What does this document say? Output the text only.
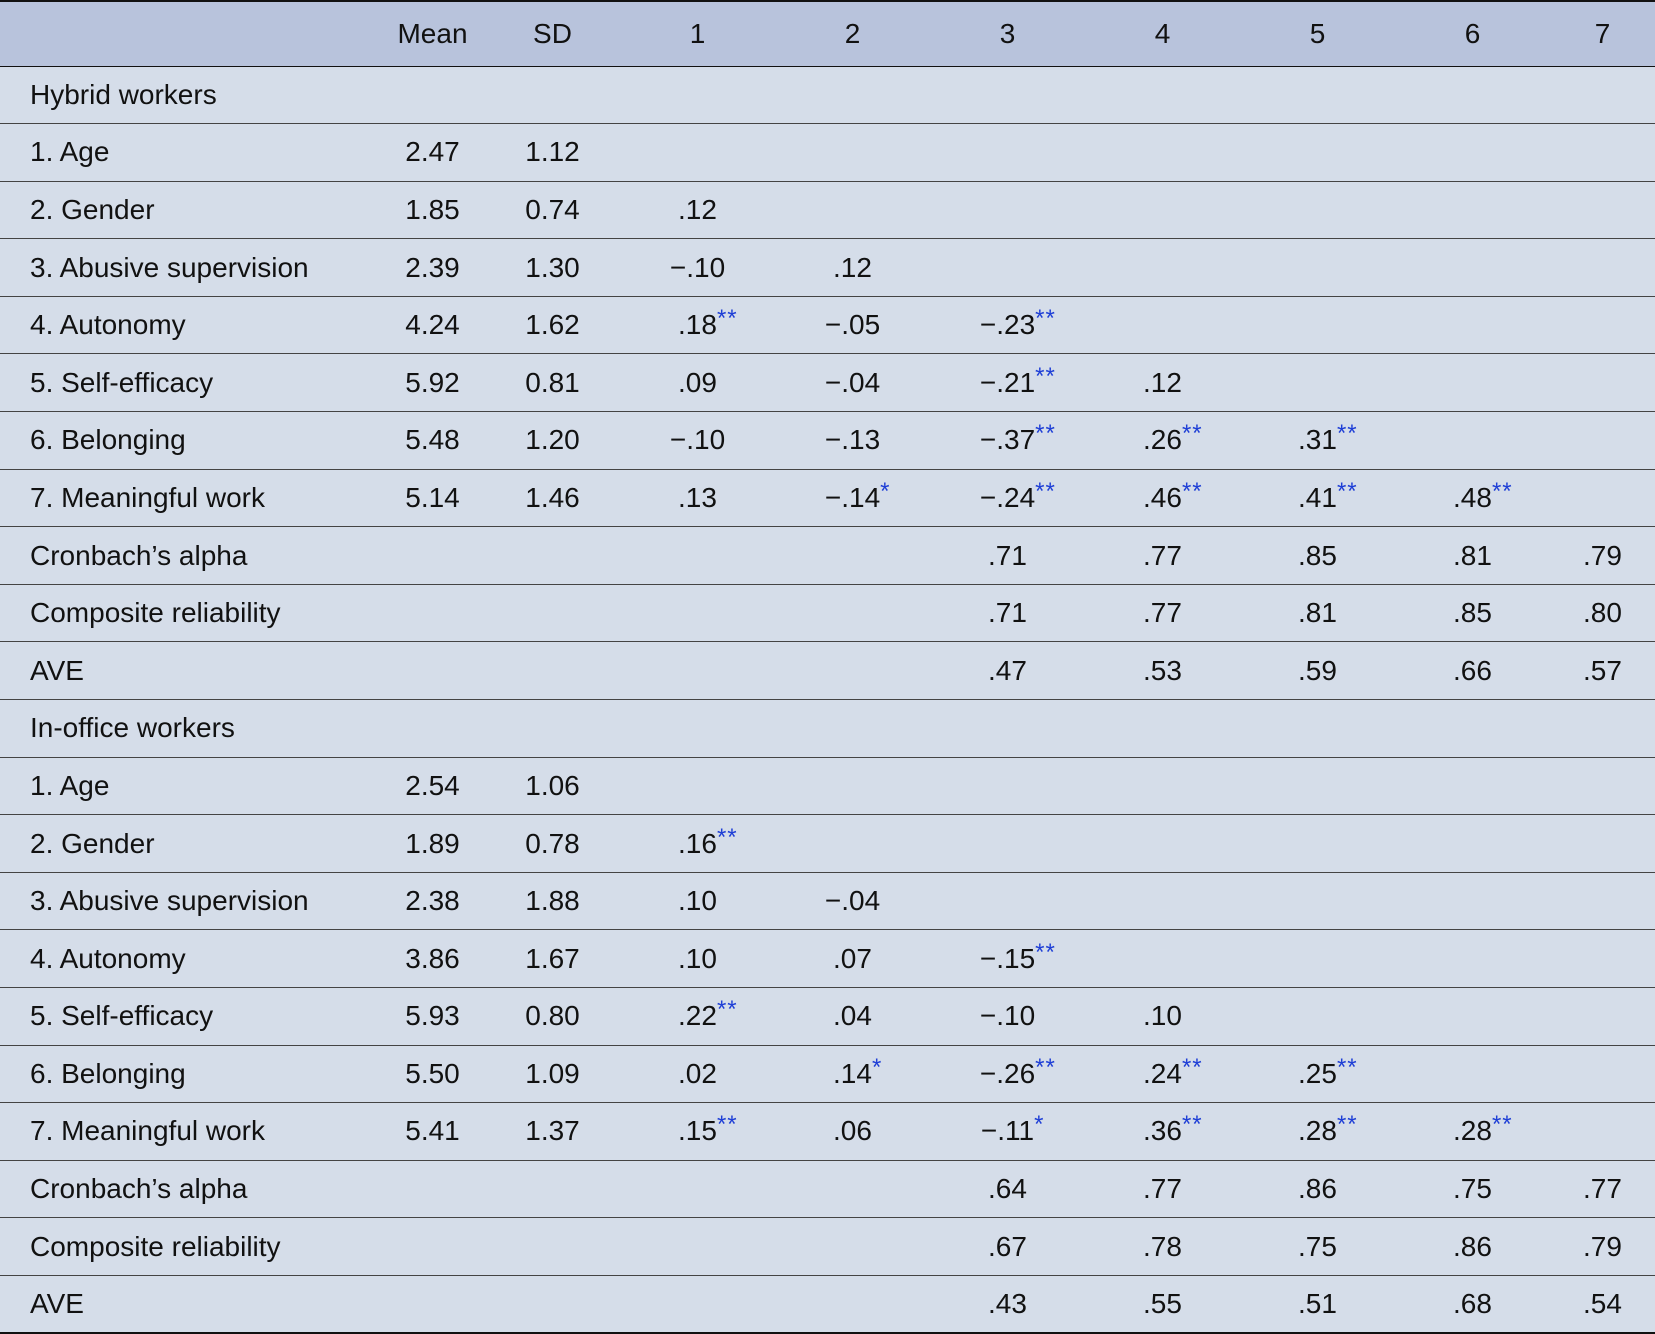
	Mean	SD	1	2	3	4	5	6	7
Hybrid workers									
1. Age	2.47	1.12

2. Gender	1.85	0.74	.12

3. Abusive supervision	2.39	1.30	−.10	.12

4. Autonomy	4.24	1.62	.18 **	−.05	−.23 **				

5. Self-efficacy	5.92	0.81	.09	−.04	−.21 **	.12

6. Belonging	5.48	1.20	−.10	−.13	−.37 **	.26 **	.31 **		

7. Meaningful work	5.14	1.46	.13	−.14 *	−.24 **	.46 **	.41 **	.48 **	

Cronbach’s alpha					.71	.77	.85	.81	.79

Composite reliability					.71	.77	.81	.85	.80

AVE					.47	.53	.59	.66	.57

In-office workers									
1. Age	2.54	1.06

2. Gender	1.89	0.78	.16 **						

3. Abusive supervision	2.38	1.88	.10	−.04

4. Autonomy	3.86	1.67	.10	.07	−.15 **				

5. Self-efficacy	5.93	0.80	.22 **	.04	−.10	.10

6. Belonging	5.50	1.09	.02	.14 *	−.26 **	.24 **	.25 **		

7. Meaningful work	5.41	1.37	.15 **	.06	−.11 *	.36 **	.28 **	.28 **	

Cronbach’s alpha					.64	.77	.86	.75	.77

Composite reliability					.67	.78	.75	.86	.79

AVE					.43	.55	.51	.68	.54
